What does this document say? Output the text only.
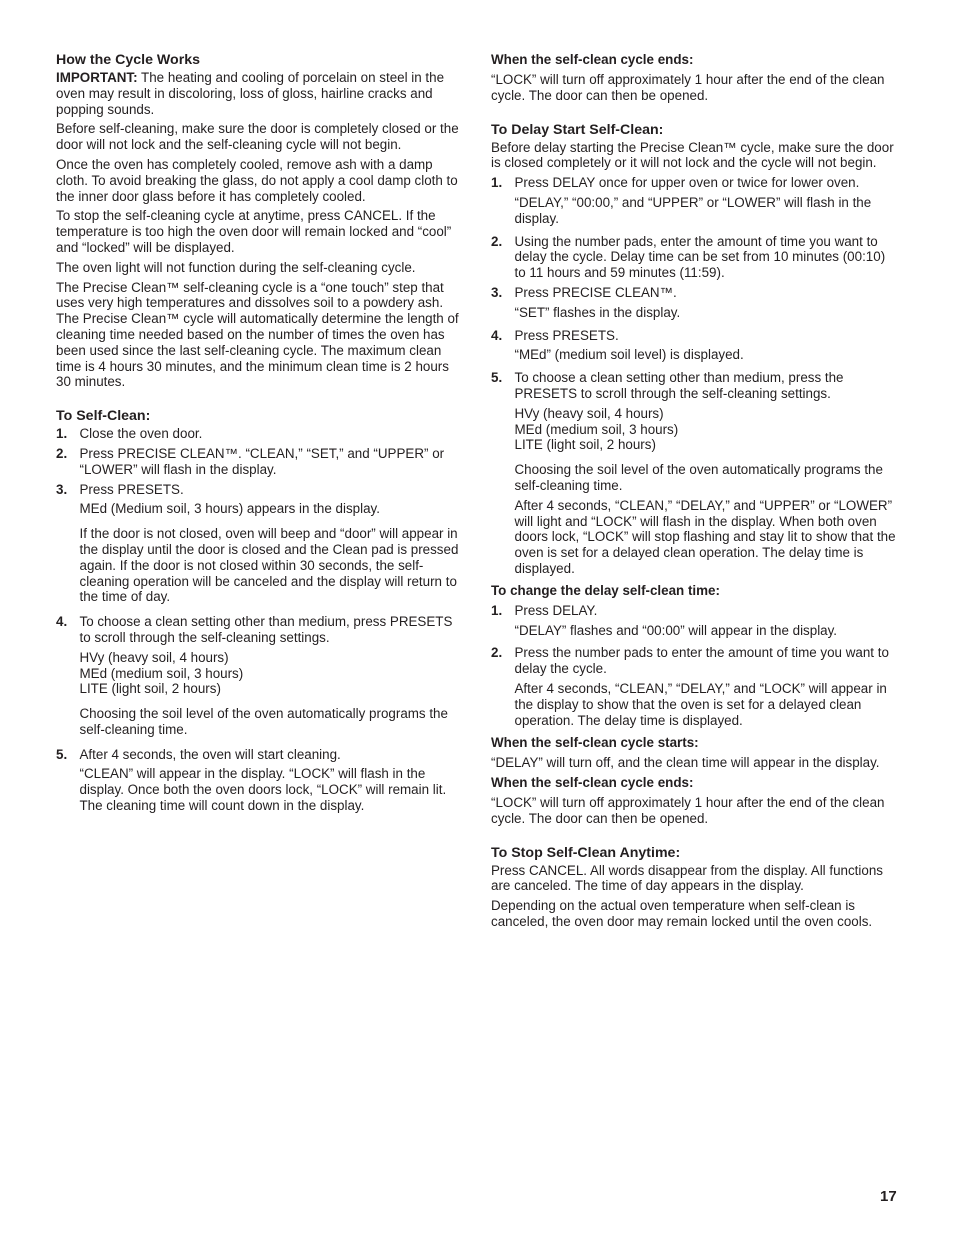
How the Cycle Works

IMPORTANT: The heating and cooling of porcelain on steel in the oven may result in discoloring, loss of gloss, hairline cracks and popping sounds.

Before self-cleaning, make sure the door is completely closed or the door will not lock and the self-cleaning cycle will not begin.

Once the oven has completely cooled, remove ash with a damp cloth. To avoid breaking the glass, do not apply a cool damp cloth to the inner door glass before it has completely cooled.

To stop the self-cleaning cycle at anytime, press CANCEL. If the temperature is too high the oven door will remain locked and “cool” and “locked” will be displayed.

The oven light will not function during the self-cleaning cycle.

The Precise Clean™ self-cleaning cycle is a “one touch” step that uses very high temperatures and dissolves soil to a powdery ash. The Precise Clean™ cycle will automatically determine the length of cleaning time needed based on the number of times the oven has been used since the last self-cleaning cycle. The maximum clean time is 4 hours 30 minutes, and the minimum clean time is 2 hours 30 minutes.

To Self-Clean:
1. Close the oven door.
2. Press PRECISE CLEAN™. “CLEAN,” “SET,” and “UPPER” or “LOWER” will flash in the display.
3. Press PRESETS.
MEd (Medium soil, 3 hours) appears in the display.
If the door is not closed, oven will beep and “door” will appear in the display until the door is closed and the Clean pad is pressed again. If the door is not closed within 30 seconds, the self-cleaning operation will be canceled and the display will return to the time of day.
4. To choose a clean setting other than medium, press PRESETS to scroll through the self-cleaning settings.
HVy (heavy soil, 4 hours)
MEd (medium soil, 3 hours)
LITE (light soil, 2 hours)
Choosing the soil level of the oven automatically programs the self-cleaning time.
5. After 4 seconds, the oven will start cleaning.
“CLEAN” will appear in the display. “LOCK” will flash in the display. Once both the oven doors lock, “LOCK” will remain lit. The cleaning time will count down in the display.
When the self-clean cycle ends:

“LOCK” will turn off approximately 1 hour after the end of the clean cycle. The door can then be opened.

To Delay Start Self-Clean:

Before delay starting the Precise Clean™ cycle, make sure the door is closed completely or it will not lock and the cycle will not begin.

1. Press DELAY once for upper oven or twice for lower oven.
“DELAY,” “00:00,” and “UPPER” or “LOWER” will flash in the display.
2. Using the number pads, enter the amount of time you want to delay the cycle. Delay time can be set from 10 minutes (00:10) to 11 hours and 59 minutes (11:59).
3. Press PRECISE CLEAN™.
“SET” flashes in the display.
4. Press PRESETS.
“MEd” (medium soil level) is displayed.
5. To choose a clean setting other than medium, press the PRESETS to scroll through the self-cleaning settings.
HVy (heavy soil, 4 hours)
MEd (medium soil, 3 hours)
LITE (light soil, 2 hours)
Choosing the soil level of the oven automatically programs the self-cleaning time.
After 4 seconds, “CLEAN,” “DELAY,” and “UPPER” or “LOWER” will light and “LOCK” will flash in the display. When both oven doors lock, “LOCK” will stop flashing and stay lit to show that the oven is set for a delayed clean operation. The delay time is displayed.
To change the delay self-clean time:
1. Press DELAY.
“DELAY” flashes and “00:00” will appear in the display.
2. Press the number pads to enter the amount of time you want to delay the cycle.
After 4 seconds, “CLEAN,” “DELAY,” and “LOCK” will appear in the display to show that the oven is set for a delayed clean operation. The delay time is displayed.
When the self-clean cycle starts:

“DELAY” will turn off, and the clean time will appear in the display.

When the self-clean cycle ends:

“LOCK” will turn off approximately 1 hour after the end of the clean cycle. The door can then be opened.

To Stop Self-Clean Anytime:

Press CANCEL. All words disappear from the display. All functions are canceled. The time of day appears in the display.

Depending on the actual oven temperature when self-clean is canceled, the oven door may remain locked until the oven cools.

17
